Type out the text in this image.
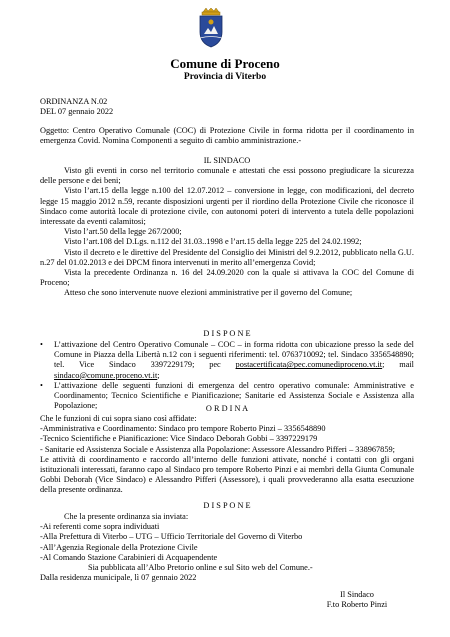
Comune di Proceno
Provincia di Viterbo

ORDINANZA N.02

DEL 07 gennaio 2022

Oggetto: Centro Operativo Comunale (COC) di Protezione Civile in forma ridotta per il coordinamento in emergenza Covid. Nomina Componenti a seguito di cambio amministrazione.-
IL SINDACO

Visto gli eventi in corso nel territorio comunale e attestati che essi possono pregiudicare la sicurezza delle persone e dei beni;

Visto l’art.15 della legge n.100 del 12.07.2012 – conversione in legge, con modificazioni, del decreto legge 15 maggio 2012 n.59, recante disposizioni urgenti per il riordino della Protezione Civile che riconosce il Sindaco come autorità locale di protezione civile, con autonomi poteri di intervento a tutela delle popolazioni interessate da eventi calamitosi;

Visto l’art.50 della legge 267/2000;

Visto l’art.108 del D.Lgs. n.112 del 31.03..1998 e l’art.15 della legge 225 del 24.02.1992;

Visto il decreto e le direttive del Presidente del Consiglio dei Ministri del 9.2.2012, pubblicato nella G.U. n.27 del 01.02.2013 e dei DPCM finora intervenuti in merito all’emergenza Covid;

Vista la precedente Ordinanza n. 16 del 24.09.2020 con la quale si attivava la COC del Comune di Proceno;

Atteso che sono intervenute nuove elezioni amministrative per il governo del Comune;

D I S P O N E
•	L’attivazione del Centro Operativo Comunale – COC – in forma ridotta con ubicazione presso la sede del Comune in Piazza della Libertà n.12 con i seguenti riferimenti: tel. 0763710092; tel. Sindaco 3356548890; tel. Vice Sindaco 3397229179; pec postacertificata@pec.comunediproceno.vt.it; mail sindaco@comune.proceno.vt.it;
•	L’attivazione delle seguenti funzioni di emergenza del centro operativo comunale: Amministrative e Coordinamento; Tecnico Scientifiche e Pianificazione; Sanitarie ed Assistenza Sociale e Assistenza alla Popolazione;	O R D I N A

Che le funzioni di cui sopra siano così affidate:

-Amministrativa e Coordinamento: Sindaco pro tempore Roberto Pinzi – 3356548890

-Tecnico Scientifiche e Pianificazione: Vice Sindaco Deborah Gobbi – 3397229179

- Sanitarie ed Assistenza Sociale e Assistenza alla Popolazione: Assessore Alessandro Pifferi – 338967859;

Le attività di coordinamento e raccordo all’interno delle funzioni attivate, nonché i contatti con gli organi istituzionali interessati, faranno capo al Sindaco pro tempore Roberto Pinzi e ai membri della Giunta Comunale Gobbi Deborah (Vice Sindaco) e Alessandro Pifferi (Assessore), i quali provvederanno alla esatta esecuzione della presente ordinanza.

D I S P O N E

Che la presente ordinanza sia inviata:

-Ai referenti come sopra individuati

-Alla Prefettura di Viterbo – UTG – Ufficio Territoriale del Governo di Viterbo

-All’Agenzia Regionale della Protezione Civile

-Al Comando Stazione Carabinieri di Acquapendente

Sia pubblicata all’Albo Pretorio online e sul Sito web del Comune.-

Dalla residenza municipale, lì 07 gennaio 2022

Il Sindaco

F.to Roberto Pinzi
